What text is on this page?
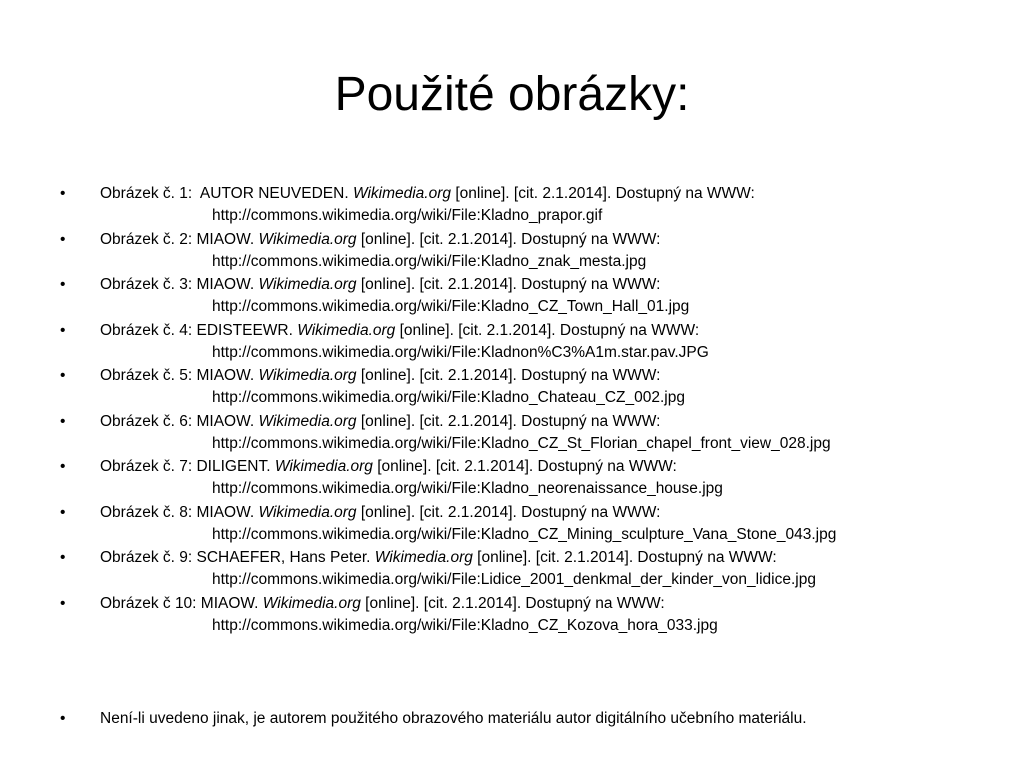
Použité obrázky:
• Obrázek č. 1:  AUTOR NEUVEDEN. Wikimedia.org [online]. [cit. 2.1.2014]. Dostupný na WWW:
http://commons.wikimedia.org/wiki/File:Kladno_prapor.gif
• Obrázek č. 2: MIAOW. Wikimedia.org [online]. [cit. 2.1.2014]. Dostupný na WWW:
http://commons.wikimedia.org/wiki/File:Kladno_znak_mesta.jpg
• Obrázek č. 3: MIAOW. Wikimedia.org [online]. [cit. 2.1.2014]. Dostupný na WWW:
http://commons.wikimedia.org/wiki/File:Kladno_CZ_Town_Hall_01.jpg
• Obrázek č. 4: EDISTEEWR. Wikimedia.org [online]. [cit. 2.1.2014]. Dostupný na WWW:
http://commons.wikimedia.org/wiki/File:Kladnon%C3%A1m.star.pav.JPG
• Obrázek č. 5: MIAOW. Wikimedia.org [online]. [cit. 2.1.2014]. Dostupný na WWW:
http://commons.wikimedia.org/wiki/File:Kladno_Chateau_CZ_002.jpg
• Obrázek č. 6: MIAOW. Wikimedia.org [online]. [cit. 2.1.2014]. Dostupný na WWW:
http://commons.wikimedia.org/wiki/File:Kladno_CZ_St_Florian_chapel_front_view_028.jpg
• Obrázek č. 7: DILIGENT. Wikimedia.org [online]. [cit. 2.1.2014]. Dostupný na WWW:
http://commons.wikimedia.org/wiki/File:Kladno_neorenaissance_house.jpg
• Obrázek č. 8: MIAOW. Wikimedia.org [online]. [cit. 2.1.2014]. Dostupný na WWW:
http://commons.wikimedia.org/wiki/File:Kladno_CZ_Mining_sculpture_Vana_Stone_043.jpg
• Obrázek č. 9: SCHAEFER, Hans Peter. Wikimedia.org [online]. [cit. 2.1.2014]. Dostupný na WWW:
http://commons.wikimedia.org/wiki/File:Lidice_2001_denkmal_der_kinder_von_lidice.jpg
• Obrázek č 10: MIAOW. Wikimedia.org [online]. [cit. 2.1.2014]. Dostupný na WWW:
http://commons.wikimedia.org/wiki/File:Kladno_CZ_Kozova_hora_033.jpg
• Není-li uvedeno jinak, je autorem použitého obrazového materiálu autor digitálního učebního materiálu.
